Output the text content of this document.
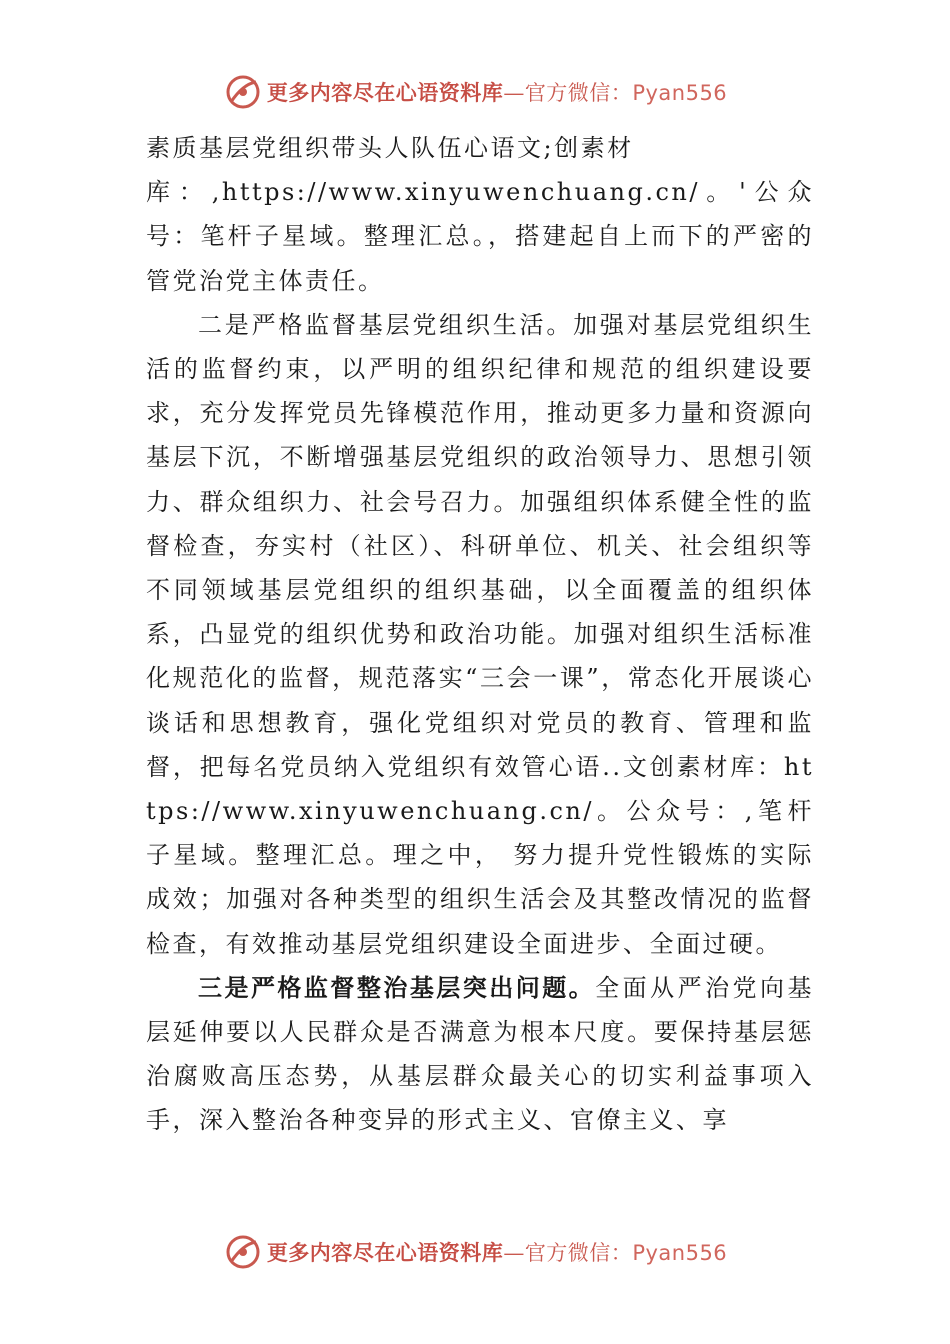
更多内容尽在心语资料库—官方微信：Pyan556

素质基层党组织带头人队伍心语文;创素材
库：,https://www.xinyuwenchuang.cn/。'公众号：笔杆子星域。整理汇总。，搭建起自上而下的严密的管党治党主体责任。

二是严格监督基层党组织生活。加强对基层党组织生活的监督约束，以严明的组织纪律和规范的组织建设要求，充分发挥党员先锋模范作用，推动更多力量和资源向基层下沉，不断增强基层党组织的政治领导力、思想引领力、群众组织力、社会号召力。加强组织体系健全性的监督检查，夯实村（社区）、科研单位、机关、社会组织等不同领域基层党组织的组织基础，以全面覆盖的组织体系，凸显党的组织优势和政治功能。加强对组织生活标准化规范化的监督，规范落实“三会一课”，常态化开展谈心谈话和思想教育，强化党组织对党员的教育、管理和监督，把每名党员纳入党组织有效管心语..文创素材库：https://www.xinyuwenchuang.cn/。公众号：,笔杆子星域。整理汇总。理之中， 努力提升党性锻炼的实际成效；加强对各种类型的组织生活会及其整改情况的监督检查，有效推动基层党组织建设全面进步、全面过硬。

三是严格监督整治基层突出问题。全面从严治党向基层延伸要以人民群众是否满意为根本尺度。要保持基层惩治腐败高压态势，从基层群众最关心的切实利益事项入手，深入整治各种变异的形式主义、官僚主义、享

更多内容尽在心语资料库—官方微信：Pyan556
